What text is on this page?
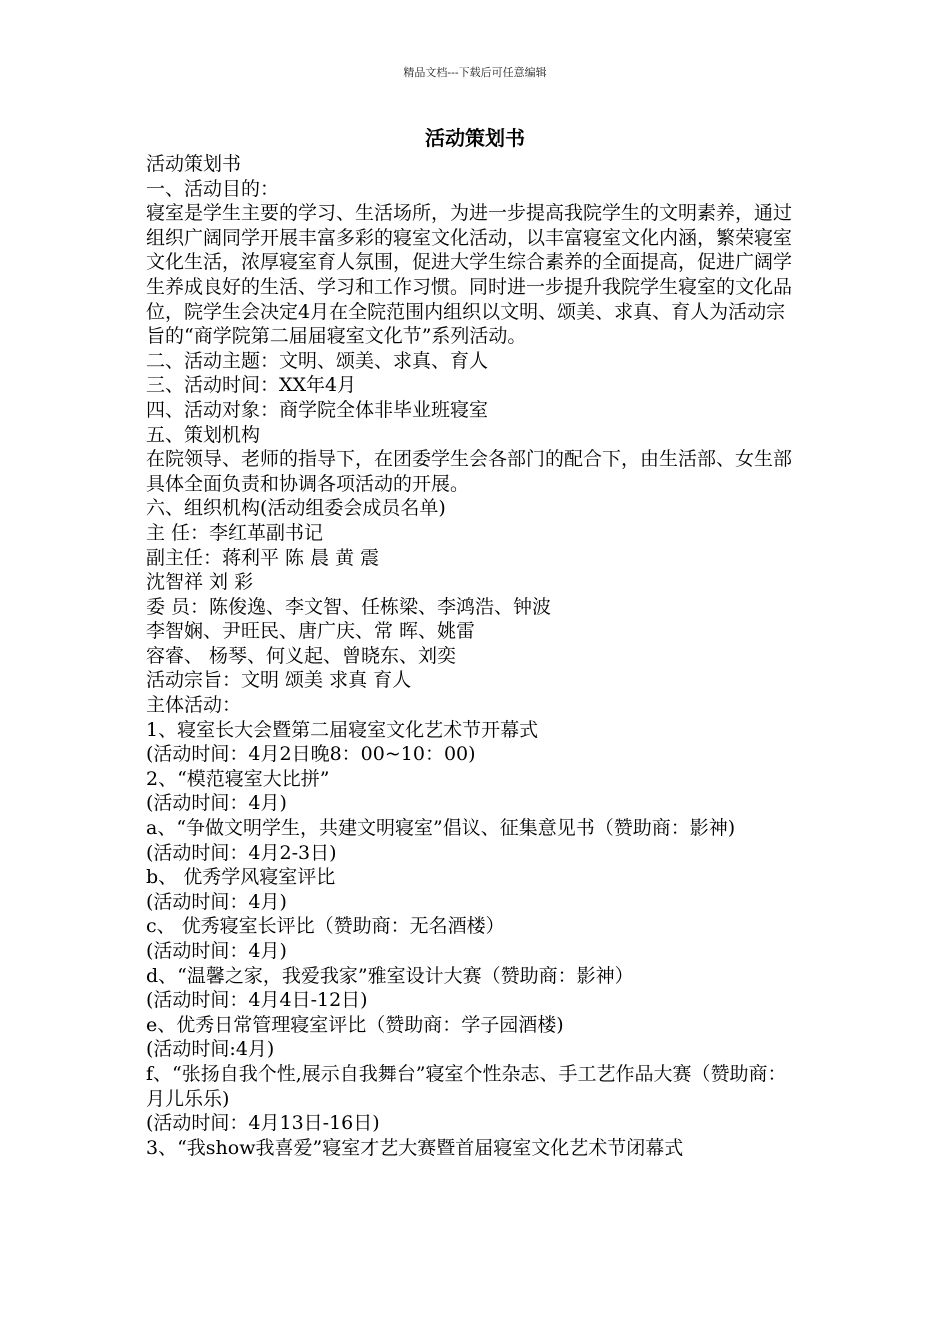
精品文档---下载后可任意编辑
活动策划书

活动策划书

一、活动目的：

寝室是学生主要的学习、生活场所，为进一步提高我院学生的文明素养，通过组织广阔同学开展丰富多彩的寝室文化活动，以丰富寝室文化内涵，繁荣寝室文化生活，浓厚寝室育人氛围，促进大学生综合素养的全面提高，促进广阔学生养成良好的生活、学习和工作习惯。同时进一步提升我院学生寝室的文化品位，院学生会决定4月在全院范围内组织以文明、颂美、求真、育人为活动宗旨的“商学院第二届届寝室文化节”系列活动。

二、活动主题：文明、颂美、求真、育人

三、活动时间：XX年4月

四、活动对象：商学院全体非毕业班寝室

五、策划机构

在院领导、老师的指导下，在团委学生会各部门的配合下，由生活部、女生部具体全面负责和协调各项活动的开展。

六、组织机构(活动组委会成员名单)

主 任：李红革副书记

副主任：蒋利平 陈 晨 黄 震

沈智祥 刘 彩

委 员：陈俊逸、李文智、任栋梁、李鸿浩、钟波

李智娴、尹旺民、唐广庆、常 晖、姚雷

容睿、 杨琴、何义起、曾晓东、刘奕

活动宗旨：文明 颂美 求真 育人

主体活动：

1、寝室长大会暨第二届寝室文化艺术节开幕式

(活动时间：4月2日晚8：00~10：00)

2、“模范寝室大比拼”

(活动时间：4月)

a、“争做文明学生，共建文明寝室”倡议、征集意见书（赞助商：影神)

(活动时间：4月2-3日)

b、 优秀学风寝室评比

(活动时间：4月)

c、 优秀寝室长评比（赞助商：无名酒楼）

(活动时间：4月)

d、“温馨之家，我爱我家”雅室设计大赛（赞助商：影神）

(活动时间：4月4日-12日)

e、优秀日常管理寝室评比（赞助商：学子园酒楼)

(活动时间:4月)

f、“张扬自我个性,展示自我舞台”寝室个性杂志、手工艺作品大赛（赞助商：月儿乐乐)

(活动时间：4月13日-16日)

3、“我show我喜爱”寝室才艺大赛暨首届寝室文化艺术节闭幕式
